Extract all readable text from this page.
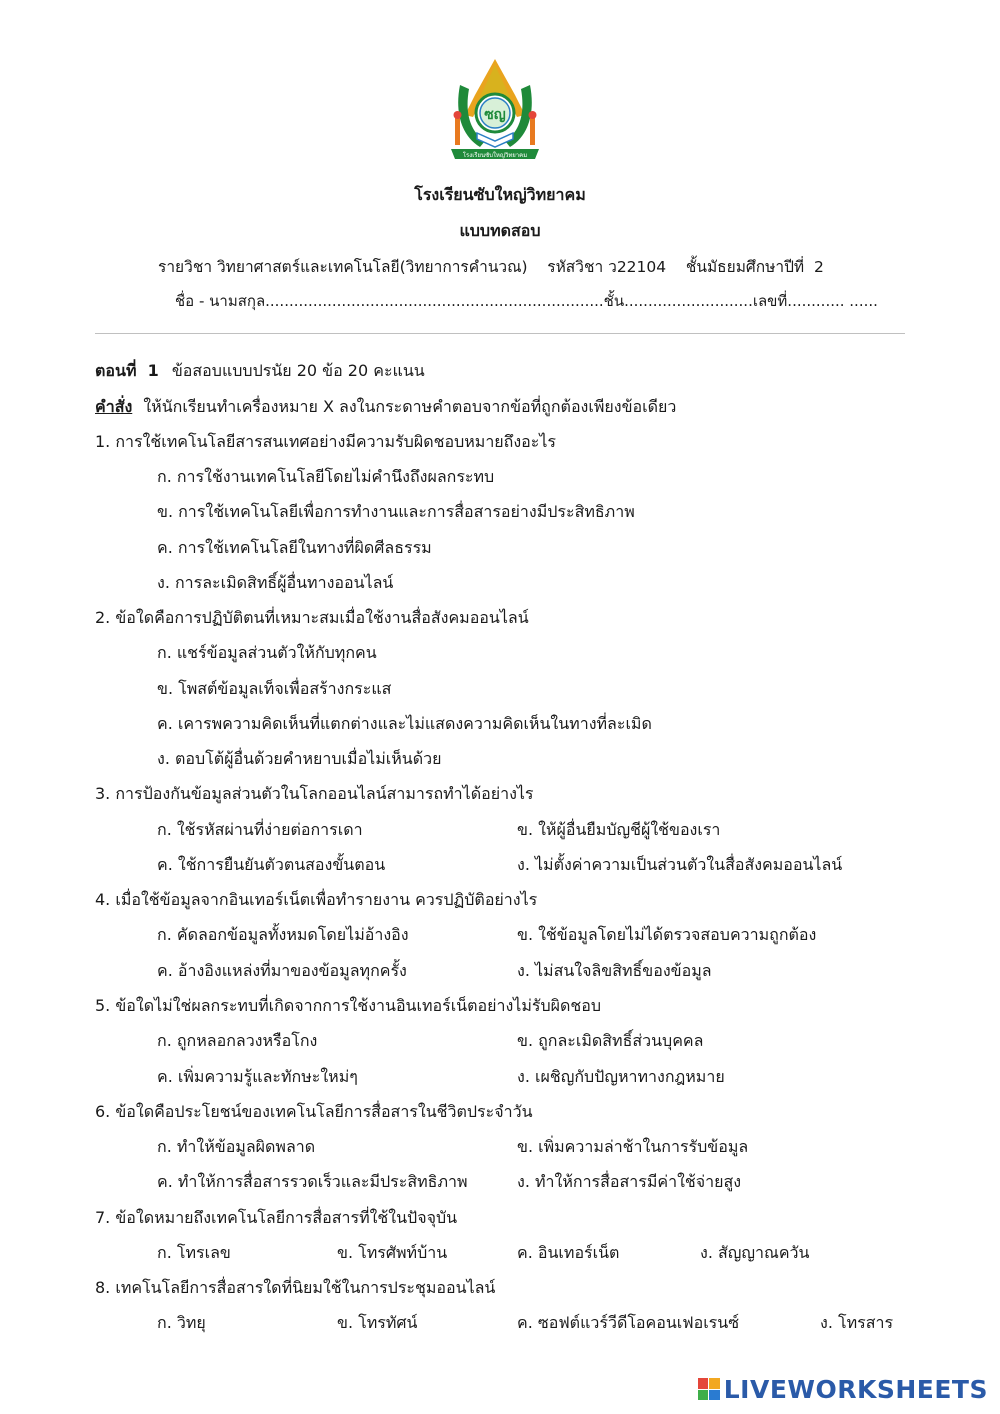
ซญ
โรงเรียนซับใหญ่วิทยาคม
โรงเรียนซับใหญ่วิทยาคม
แบบทดสอบ
รายวิชา วิทยาศาสตร์และเทคโนโลยี(วิทยาการคำนวณ)    รหัสวิชา ว22104    ชั้นมัธยมศึกษาปีที่  2
ชื่อ - นามสกุล.......................................................................ชั้น...........................เลขที่............ ......
ตอนที่  1 ข้อสอบแบบปรนัย 20 ข้อ 20 คะแนน
คำสั่ง ให้นักเรียนทำเครื่องหมาย X ลงในกระดาษคำตอบจากข้อที่ถูกต้องเพียงข้อเดียว
1. การใช้เทคโนโลยีสารสนเทศอย่างมีความรับผิดชอบหมายถึงอะไร
ก. การใช้งานเทคโนโลยีโดยไม่คำนึงถึงผลกระทบ
ข. การใช้เทคโนโลยีเพื่อการทำงานและการสื่อสารอย่างมีประสิทธิภาพ
ค. การใช้เทคโนโลยีในทางที่ผิดศีลธรรม
ง. การละเมิดสิทธิ์ผู้อื่นทางออนไลน์
2. ข้อใดคือการปฏิบัติตนที่เหมาะสมเมื่อใช้งานสื่อสังคมออนไลน์
ก. แชร์ข้อมูลส่วนตัวให้กับทุกคน
ข. โพสต์ข้อมูลเท็จเพื่อสร้างกระแส
ค. เคารพความคิดเห็นที่แตกต่างและไม่แสดงความคิดเห็นในทางที่ละเมิด
ง. ตอบโต้ผู้อื่นด้วยคำหยาบเมื่อไม่เห็นด้วย
3. การป้องกันข้อมูลส่วนตัวในโลกออนไลน์สามารถทำได้อย่างไร
ก. ใช้รหัสผ่านที่ง่ายต่อการเดา	ข. ให้ผู้อื่นยืมบัญชีผู้ใช้ของเรา
ค. ใช้การยืนยันตัวตนสองขั้นตอน	ง. ไม่ตั้งค่าความเป็นส่วนตัวในสื่อสังคมออนไลน์
4. เมื่อใช้ข้อมูลจากอินเทอร์เน็ตเพื่อทำรายงาน ควรปฏิบัติอย่างไร
ก. คัดลอกข้อมูลทั้งหมดโดยไม่อ้างอิง	ข. ใช้ข้อมูลโดยไม่ได้ตรวจสอบความถูกต้อง
ค. อ้างอิงแหล่งที่มาของข้อมูลทุกครั้ง	ง. ไม่สนใจลิขสิทธิ์ของข้อมูล
5. ข้อใดไม่ใช่ผลกระทบที่เกิดจากการใช้งานอินเทอร์เน็ตอย่างไม่รับผิดชอบ
ก. ถูกหลอกลวงหรือโกง	ข. ถูกละเมิดสิทธิ์ส่วนบุคคล
ค. เพิ่มความรู้และทักษะใหม่ๆ	ง. เผชิญกับปัญหาทางกฎหมาย
6. ข้อใดคือประโยชน์ของเทคโนโลยีการสื่อสารในชีวิตประจำวัน
ก. ทำให้ข้อมูลผิดพลาด	ข. เพิ่มความล่าช้าในการรับข้อมูล
ค. ทำให้การสื่อสารรวดเร็วและมีประสิทธิภาพ	ง. ทำให้การสื่อสารมีค่าใช้จ่ายสูง
7. ข้อใดหมายถึงเทคโนโลยีการสื่อสารที่ใช้ในปัจจุบัน
ก. โทรเลข	ข. โทรศัพท์บ้าน	ค. อินเทอร์เน็ต	ง. สัญญาณควัน
8. เทคโนโลยีการสื่อสารใดที่นิยมใช้ในการประชุมออนไลน์
ก. วิทยุ	ข. โทรทัศน์	ค. ซอฟต์แวร์วีดีโอคอนเฟอเรนซ์	ง. โทรสาร
LIVEWORKSHEETS
